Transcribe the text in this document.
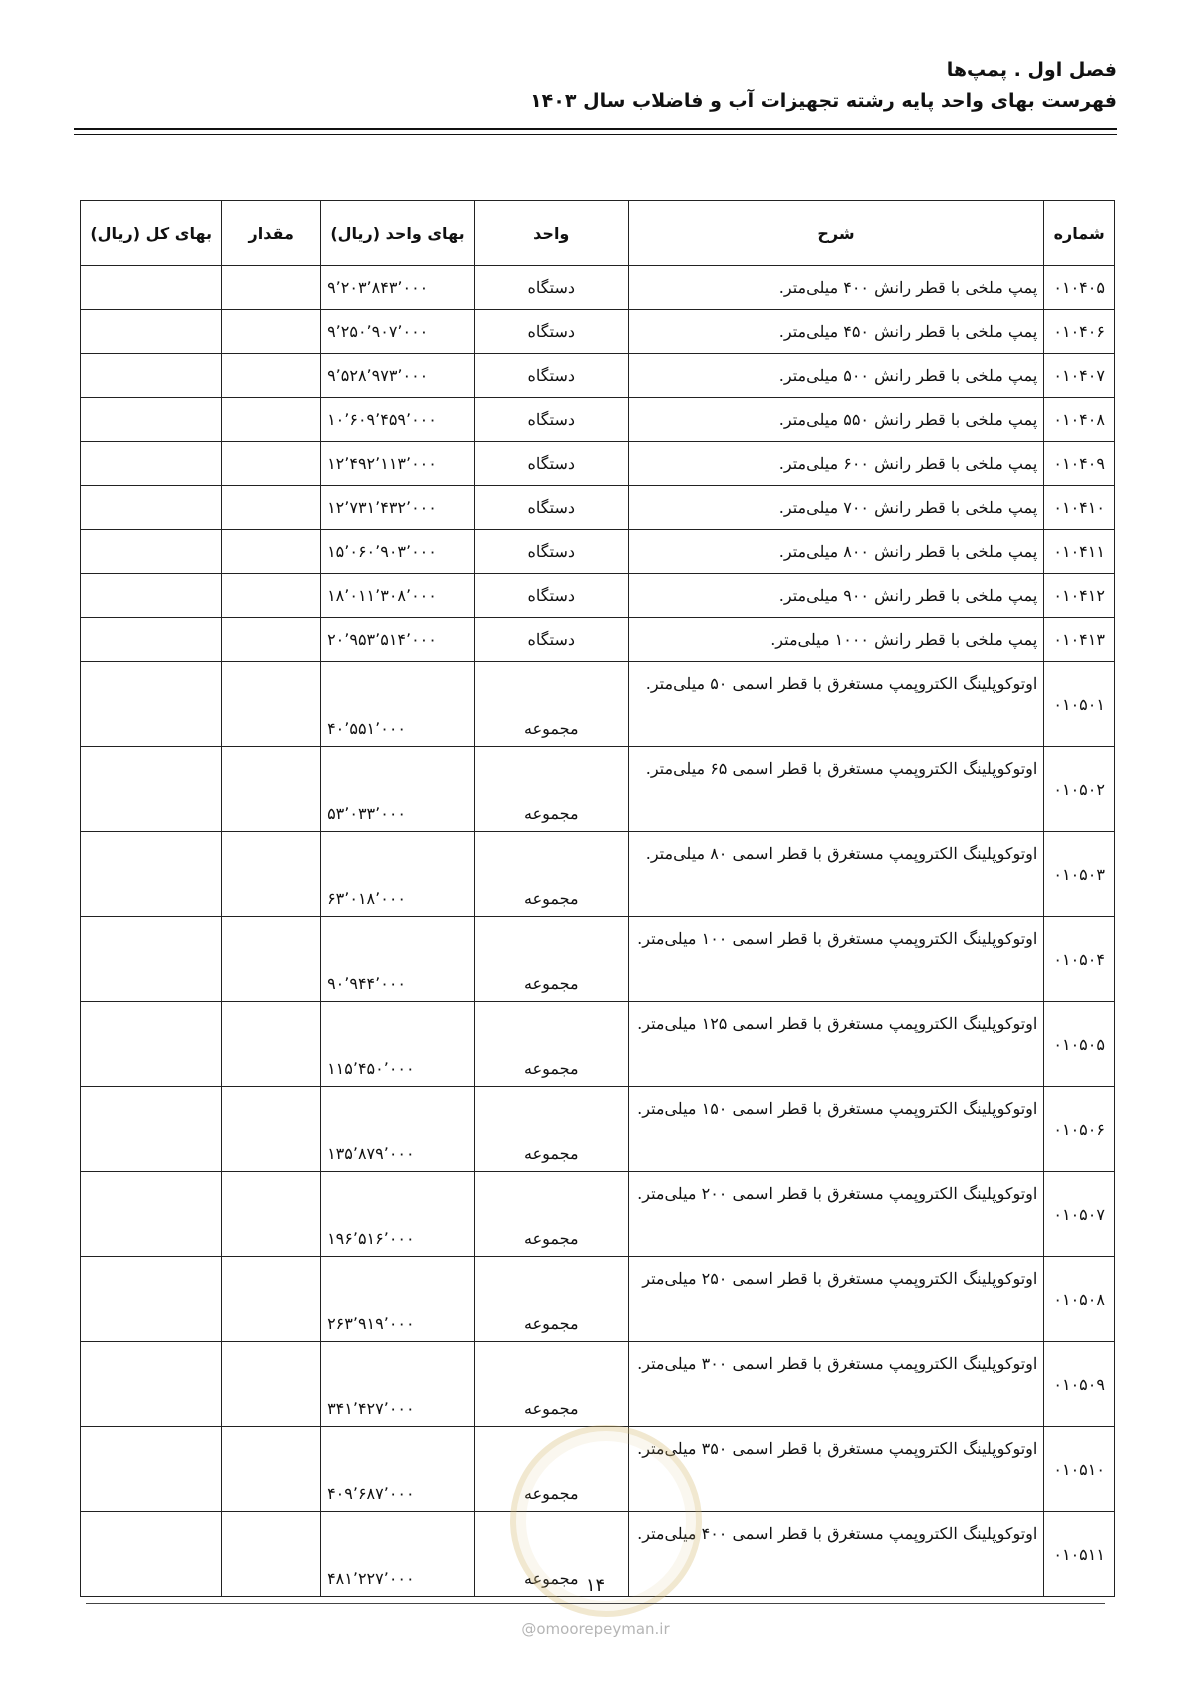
فصل اول . پمپ‌ها
فهرست بهای واحد پایه رشته تجهیزات آب و فاضلاب سال ۱۴۰۳
شماره	شرح	واحد	بهای واحد (ریال)	مقدار	بهای کل (ریال)
۰۱۰۴۰۵	پمپ ملخی با قطر رانش ۴۰۰ میلی‌متر.	دستگاه	۹٬۲۰۳٬۸۴۳٬۰۰۰		
۰۱۰۴۰۶	پمپ ملخی با قطر رانش ۴۵۰ میلی‌متر.	دستگاه	۹٬۲۵۰٬۹۰۷٬۰۰۰		
۰۱۰۴۰۷	پمپ ملخی با قطر رانش ۵۰۰ میلی‌متر.	دستگاه	۹٬۵۲۸٬۹۷۳٬۰۰۰		
۰۱۰۴۰۸	پمپ ملخی با قطر رانش ۵۵۰ میلی‌متر.	دستگاه	۱۰٬۶۰۹٬۴۵۹٬۰۰۰		
۰۱۰۴۰۹	پمپ ملخی با قطر رانش ۶۰۰ میلی‌متر.	دستگاه	۱۲٬۴۹۲٬۱۱۳٬۰۰۰		
۰۱۰۴۱۰	پمپ ملخی با قطر رانش ۷۰۰ میلی‌متر.	دستگاه	۱۲٬۷۳۱٬۴۳۲٬۰۰۰		
۰۱۰۴۱۱	پمپ ملخی با قطر رانش ۸۰۰ میلی‌متر.	دستگاه	۱۵٬۰۶۰٬۹۰۳٬۰۰۰		
۰۱۰۴۱۲	پمپ ملخی با قطر رانش ۹۰۰ میلی‌متر.	دستگاه	۱۸٬۰۱۱٬۳۰۸٬۰۰۰		
۰۱۰۴۱۳	پمپ ملخی با قطر رانش ۱۰۰۰ میلی‌متر.	دستگاه	۲۰٬۹۵۳٬۵۱۴٬۰۰۰		
۰۱۰۵۰۱	اوتوکوپلینگ الکتروپمپ مستغرق با قطر اسمی ۵۰ میلی‌متر.	مجموعه	۴۰٬۵۵۱٬۰۰۰		
۰۱۰۵۰۲	اوتوکوپلینگ الکتروپمپ مستغرق با قطر اسمی ۶۵ میلی‌متر.	مجموعه	۵۳٬۰۳۳٬۰۰۰		
۰۱۰۵۰۳	اوتوکوپلینگ الکتروپمپ مستغرق با قطر اسمی ۸۰ میلی‌متر.	مجموعه	۶۳٬۰۱۸٬۰۰۰		
۰۱۰۵۰۴	اوتوکوپلینگ الکتروپمپ مستغرق با قطر اسمی ۱۰۰ میلی‌متر.	مجموعه	۹۰٬۹۴۴٬۰۰۰		
۰۱۰۵۰۵	اوتوکوپلینگ الکتروپمپ مستغرق با قطر اسمی ۱۲۵ میلی‌متر.	مجموعه	۱۱۵٬۴۵۰٬۰۰۰		
۰۱۰۵۰۶	اوتوکوپلینگ الکتروپمپ مستغرق با قطر اسمی ۱۵۰ میلی‌متر.	مجموعه	۱۳۵٬۸۷۹٬۰۰۰		
۰۱۰۵۰۷	اوتوکوپلینگ الکتروپمپ مستغرق با قطر اسمی ۲۰۰ میلی‌متر.	مجموعه	۱۹۶٬۵۱۶٬۰۰۰		
۰۱۰۵۰۸	اوتوکوپلینگ الکتروپمپ مستغرق با قطر اسمی ۲۵۰ میلی‌متر	مجموعه	۲۶۳٬۹۱۹٬۰۰۰		
۰۱۰۵۰۹	اوتوکوپلینگ الکتروپمپ مستغرق با قطر اسمی ۳۰۰ میلی‌متر.	مجموعه	۳۴۱٬۴۲۷٬۰۰۰		
۰۱۰۵۱۰	اوتوکوپلینگ الکتروپمپ مستغرق با قطر اسمی ۳۵۰ میلی‌متر.	مجموعه	۴۰۹٬۶۸۷٬۰۰۰		
۰۱۰۵۱۱	اوتوکوپلینگ الکتروپمپ مستغرق با قطر اسمی ۴۰۰ میلی‌متر.	مجموعه	۴۸۱٬۲۲۷٬۰۰۰			۱۴
@omoorepeyman.ir
